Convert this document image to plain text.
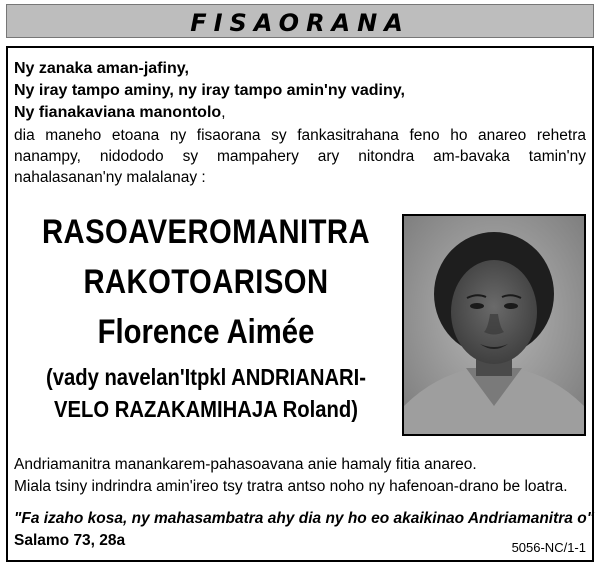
FISAORANA
Ny zanaka aman-jafiny,
Ny iray tampo aminy, ny iray tampo amin'ny vadiny,
Ny fianakaviana manontolo,
dia maneho etoana ny fisaorana sy fankasitrahana feno ho anareo rehetra nanampy, nidododo sy mampahery ary nitondra am-bavaka tamin'ny nahalasanan'ny malalanay :
RASOAVEROMANITRA
RAKOTOARISON
Florence Aimée
(vady navelan'Itpkl ANDRIANARI-
VELO RAZAKAMIHAJA Roland)
Andriamanitra manankarem-pahasoavana anie hamaly fitia anareo.
Miala tsiny indrindra amin'ireo tsy tratra antso noho ny hafenoan-drano be loatra.
"Fa izaho kosa, ny mahasambatra ahy dia ny ho eo akaikinao Andriamanitra o"
Salamo 73, 28a	5056-NC/1-1
